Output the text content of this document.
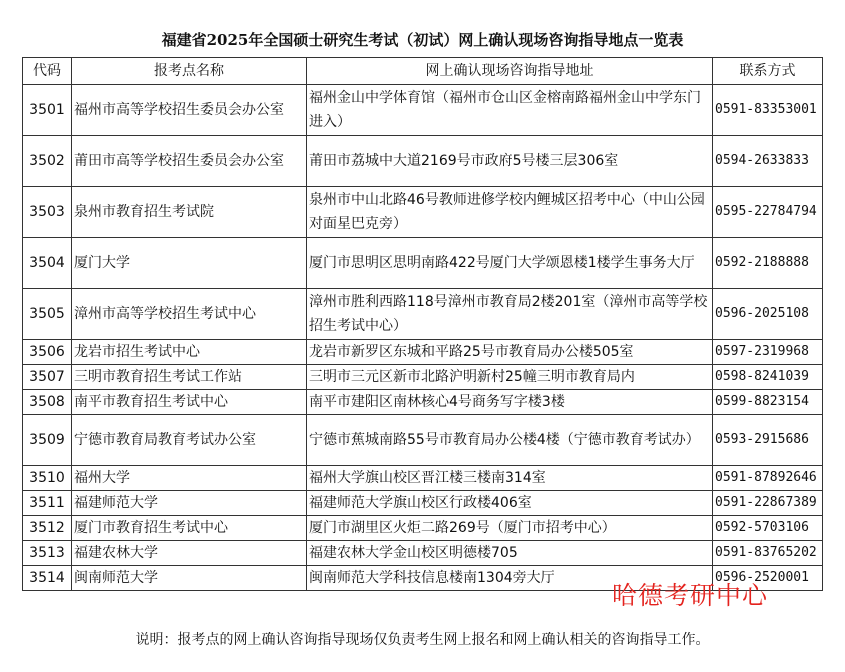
福建省2025年全国硕士研究生考试（初试）网上确认现场咨询指导地点一览表
代码	报考点名称	网上确认现场咨询指导地址	联系方式
3501	福州市高等学校招生委员会办公室	福州金山中学体育馆（福州市仓山区金榕南路福州金山中学东门进入）	0591-83353001
3502	莆田市高等学校招生委员会办公室	莆田市荔城中大道2169号市政府5号楼三层306室	0594-2633833
3503	泉州市教育招生考试院	泉州市中山北路46号教师进修学校内鲤城区招考中心（中山公园对面星巴克旁）	0595-22784794
3504	厦门大学	厦门市思明区思明南路422号厦门大学颂恩楼1楼学生事务大厅	0592-2188888
3505	漳州市高等学校招生考试中心	漳州市胜利西路118号漳州市教育局2楼201室（漳州市高等学校招生考试中心）	0596-2025108
3506	龙岩市招生考试中心	龙岩市新罗区东城和平路25号市教育局办公楼505室	0597-2319968
3507	三明市教育招生考试工作站	三明市三元区新市北路沪明新村25幢三明市教育局内	0598-8241039
3508	南平市教育招生考试中心	南平市建阳区南林核心4号商务写字楼3楼	0599-8823154
3509	宁德市教育局教育考试办公室	宁德市蕉城南路55号市教育局办公楼4楼（宁德市教育考试办）	0593-2915686
3510	福州大学	福州大学旗山校区晋江楼三楼南314室	0591-87892646
3511	福建师范大学	福建师范大学旗山校区行政楼406室	0591-22867389
3512	厦门市教育招生考试中心	厦门市湖里区火炬二路269号（厦门市招考中心）	0592-5703106
3513	福建农林大学	福建农林大学金山校区明德楼705	0591-83765202
3514	闽南师范大学	闽南师范大学科技信息楼南1304旁大厅	0596-2520001
说明：报考点的网上确认咨询指导现场仅负责考生网上报名和网上确认相关的咨询指导工作。
哈德考研中心
